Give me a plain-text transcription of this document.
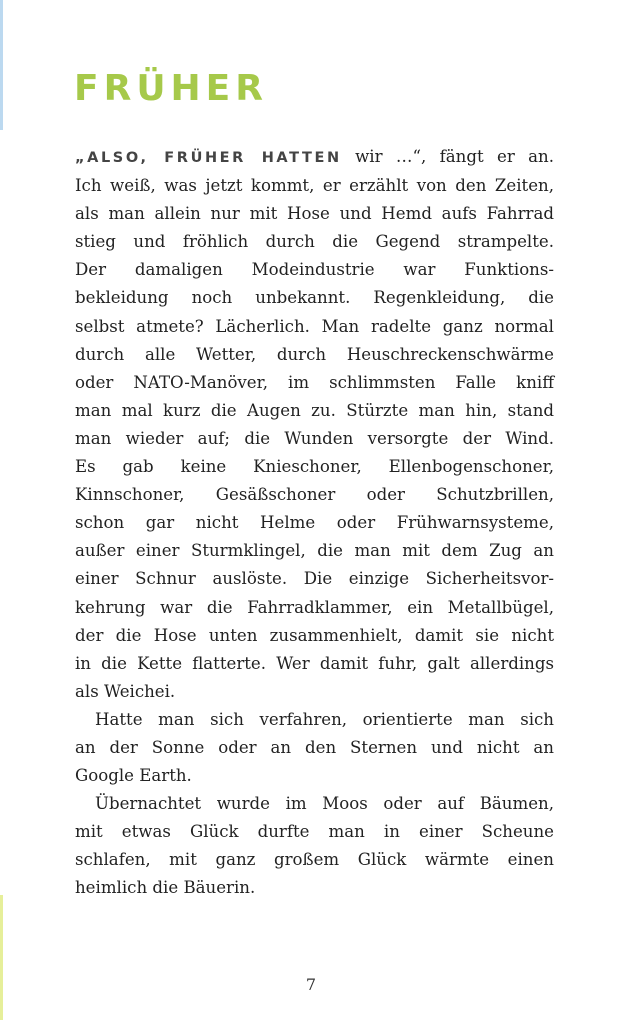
FRÜHER
„ALSO, FRÜHER HATTEN wir …“, fängt er an.
Ich weiß, was jetzt kommt, er erzählt von den Zeiten,
als man allein nur mit Hose und Hemd aufs Fahrrad
stieg und fröhlich durch die Gegend strampelte.
Der damaligen Modeindustrie war Funktions-
bekleidung noch unbekannt. Regenkleidung, die
selbst atmete? Lächerlich. Man radelte ganz normal
durch alle Wetter, durch Heuschreckenschwärme
oder NATO-Manöver, im schlimmsten Falle kniff
man mal kurz die Augen zu. Stürzte man hin, stand
man wieder auf; die Wunden versorgte der Wind.
Es gab keine Knieschoner, Ellenbogenschoner,
Kinnschoner, Gesäßschoner oder Schutzbrillen,
schon gar nicht Helme oder Frühwarnsysteme,
außer einer Sturmklingel, die man mit dem Zug an
einer Schnur auslöste. Die einzige Sicherheitsvor-
kehrung war die Fahrradklammer, ein Metallbügel,
der die Hose unten zusammenhielt, damit sie nicht
in die Kette flatterte. Wer damit fuhr, galt allerdings
als Weichei.
Hatte man sich verfahren, orientierte man sich
an der Sonne oder an den Sternen und nicht an
Google Earth.
Übernachtet wurde im Moos oder auf Bäumen,
mit etwas Glück durfte man in einer Scheune
schlafen, mit ganz großem Glück wärmte einen
heimlich die Bäuerin.
7
